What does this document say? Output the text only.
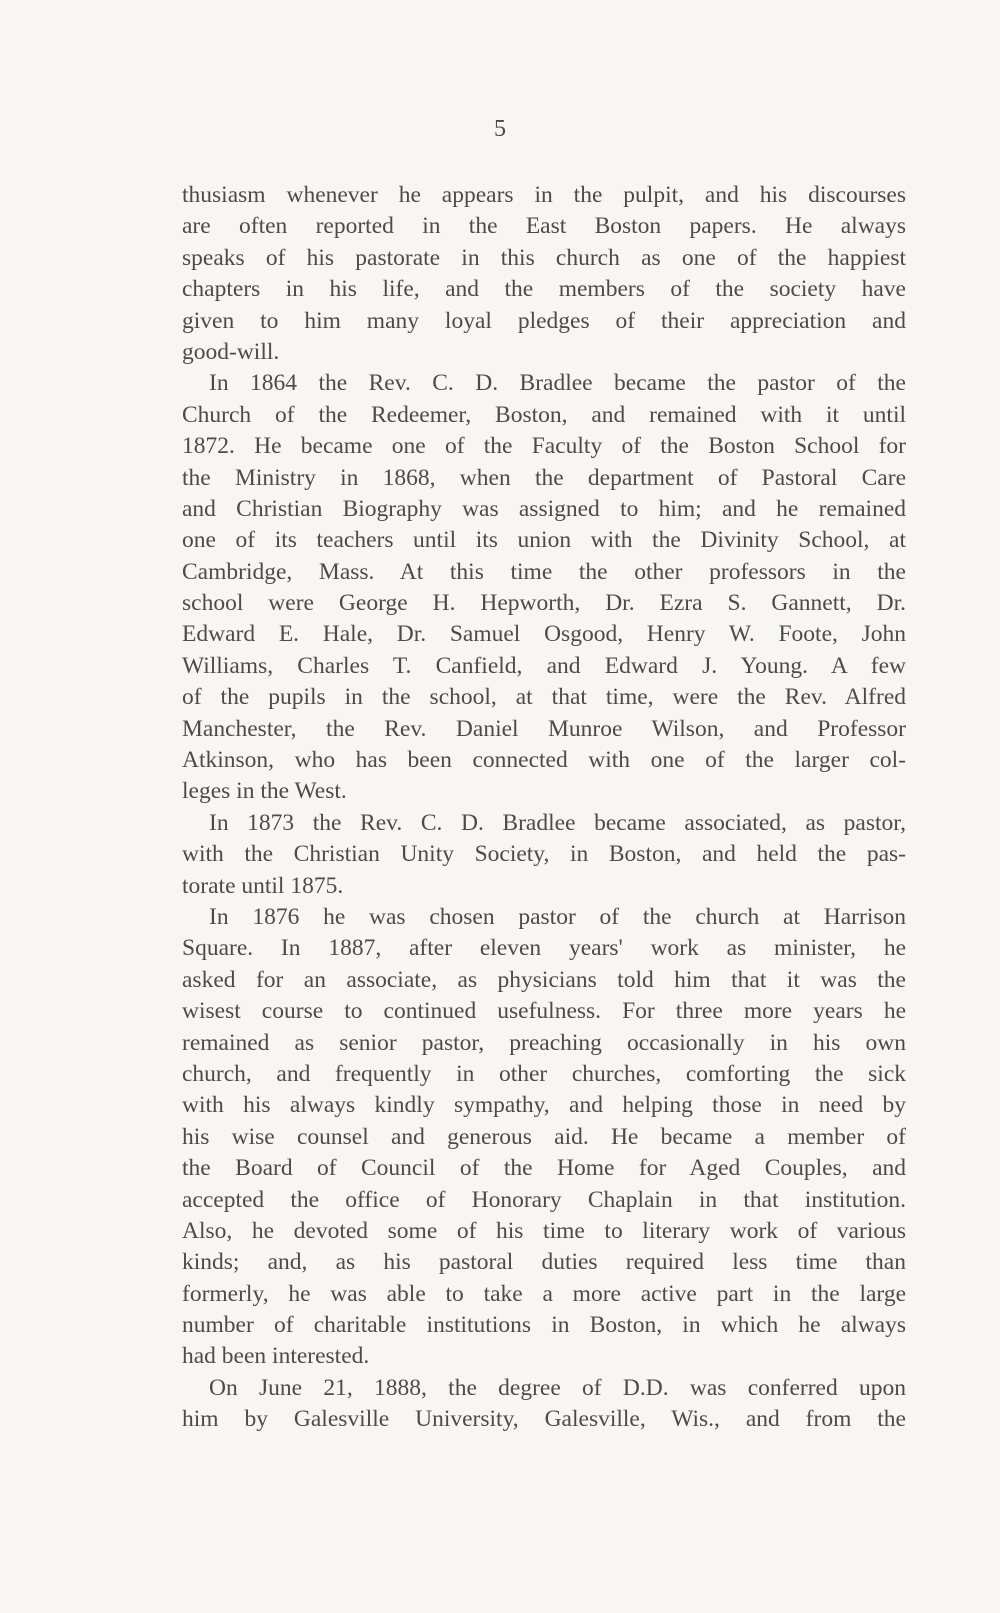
5
thusiasm whenever he appears in the pulpit, and his discourses
are often reported in the East Boston papers. He always
speaks of his pastorate in this church as one of the happiest
chapters in his life, and the members of the society have
given to him many loyal pledges of their appreciation and
good-will.
In 1864 the Rev. C. D. Bradlee became the pastor of the
Church of the Redeemer, Boston, and remained with it until
1872. He became one of the Faculty of the Boston School for
the Ministry in 1868, when the department of Pastoral Care
and Christian Biography was assigned to him; and he remained
one of its teachers until its union with the Divinity School, at
Cambridge, Mass. At this time the other professors in the
school were George H. Hepworth, Dr. Ezra S. Gannett, Dr.
Edward E. Hale, Dr. Samuel Osgood, Henry W. Foote, John
Williams, Charles T. Canfield, and Edward J. Young. A few
of the pupils in the school, at that time, were the Rev. Alfred
Manchester, the Rev. Daniel Munroe Wilson, and Professor
Atkinson, who has been connected with one of the larger col-
leges in the West.
In 1873 the Rev. C. D. Bradlee became associated, as pastor,
with the Christian Unity Society, in Boston, and held the pas-
torate until 1875.
In 1876 he was chosen pastor of the church at Harrison
Square. In 1887, after eleven years' work as minister, he
asked for an associate, as physicians told him that it was the
wisest course to continued usefulness. For three more years he
remained as senior pastor, preaching occasionally in his own
church, and frequently in other churches, comforting the sick
with his always kindly sympathy, and helping those in need by
his wise counsel and generous aid. He became a member of
the Board of Council of the Home for Aged Couples, and
accepted the office of Honorary Chaplain in that institution.
Also, he devoted some of his time to literary work of various
kinds; and, as his pastoral duties required less time than
formerly, he was able to take a more active part in the large
number of charitable institutions in Boston, in which he always
had been interested.
On June 21, 1888, the degree of D.D. was conferred upon
him by Galesville University, Galesville, Wis., and from the
